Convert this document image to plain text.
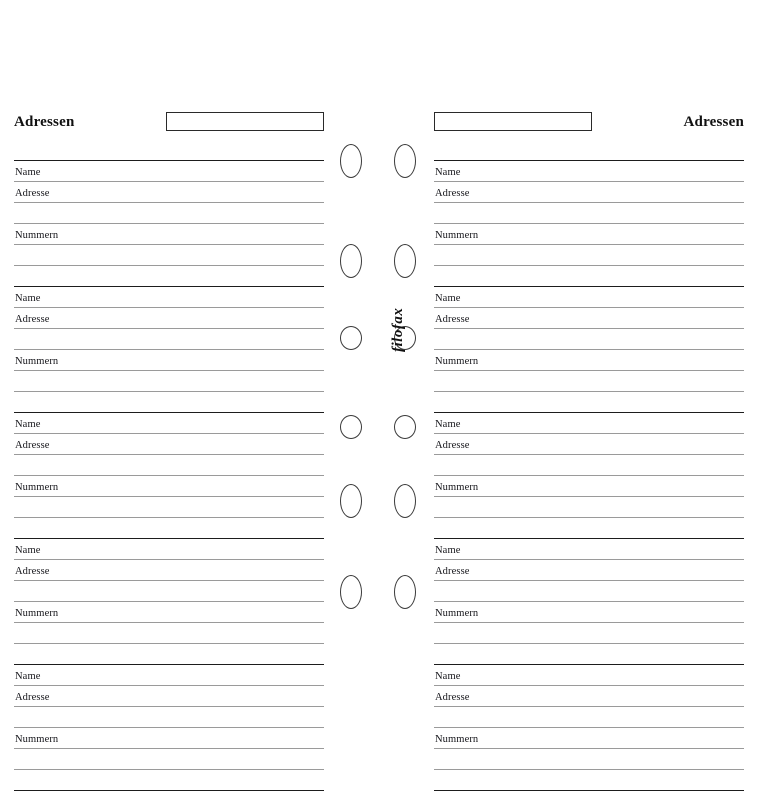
Adressen
Name
Adresse
Nummern
Name
Adresse
Nummern
Name
Adresse
Nummern
Name
Adresse
Nummern
Name
Adresse
Nummern
filofax
Adressen
Name
Adresse
Nummern
Name
Adresse
Nummern
Name
Adresse
Nummern
Name
Adresse
Nummern
Name
Adresse
Nummern
